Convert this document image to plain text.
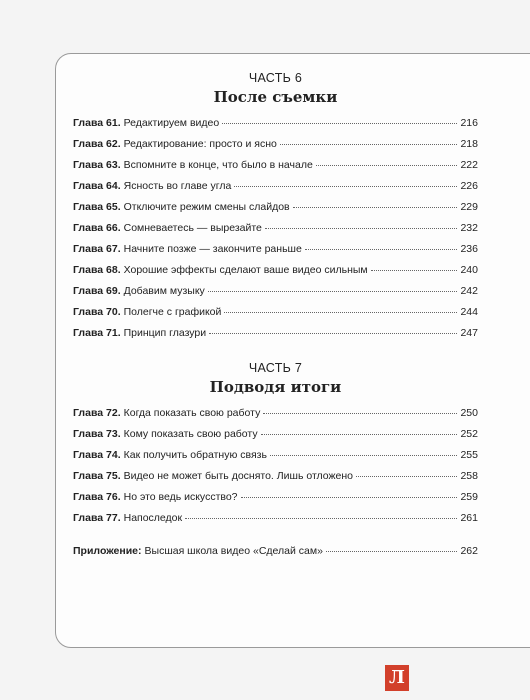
ЧАСТЬ 6

После съемки

Глава 61. Редактируем видео	216
Глава 62. Редактирование: просто и ясно	218
Глава 63. Вспомните в конце, что было в начале	222
Глава 64. Ясность во главе угла	226
Глава 65. Отключите режим смены слайдов	229
Глава 66. Сомневаетесь — вырезайте	232
Глава 67. Начните позже — закончите раньше	236
Глава 68. Хорошие эффекты сделают ваше видео сильным	240
Глава 69. Добавим музыку	242
Глава 70. Полегче с графикой	244
Глава 71. Принцип глазури	247

ЧАСТЬ 7

Подводя итоги

Глава 72. Когда показать свою работу	250
Глава 73. Кому показать свою работу	252
Глава 74. Как получить обратную связь	255
Глава 75. Видео не может быть доснято. Лишь отложено	258
Глава 76. Но это ведь искусство?	259
Глава 77. Напоследок	261
Приложение: Высшая школа видео «Сделай сам»	262
Л
